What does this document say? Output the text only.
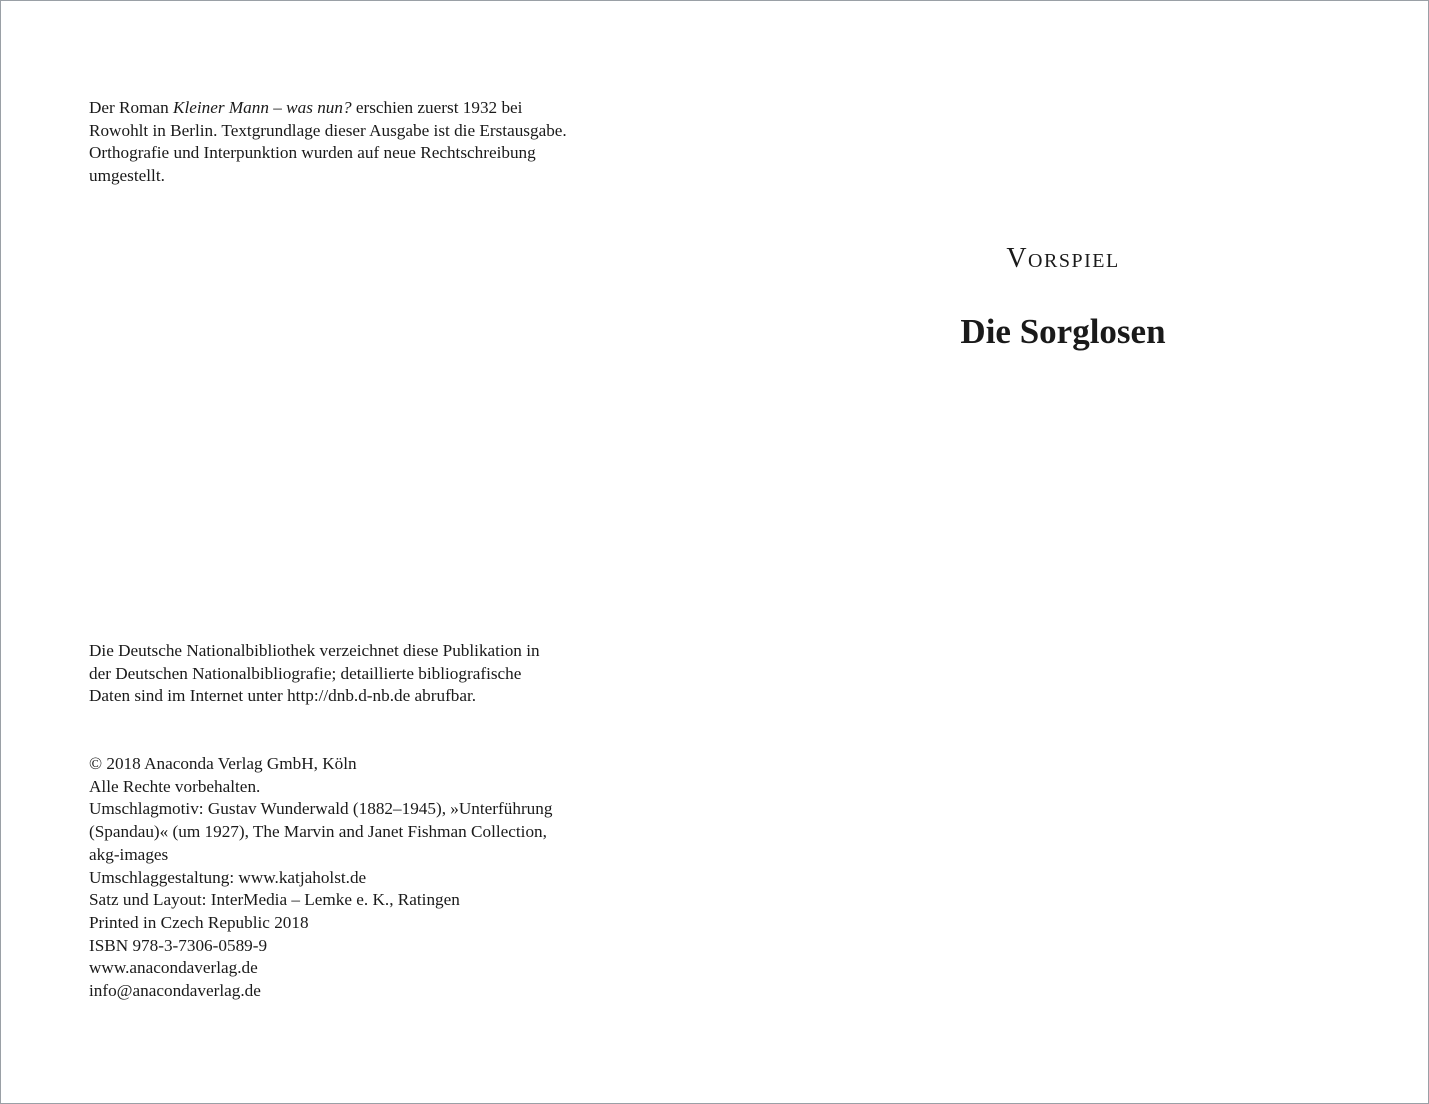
Der Roman Kleiner Mann – was nun? erschien zuerst 1932 bei
Rowohlt in Berlin. Textgrundlage dieser Ausgabe ist die Erstausgabe.
Orthografie und Interpunktion wurden auf neue Rechtschreibung
umgestellt.

Die Deutsche Nationalbibliothek verzeichnet diese Publikation in
der Deutschen Nationalbibliografie; detaillierte bibliografische
Daten sind im Internet unter http://dnb.d-nb.de abrufbar.

© 2018 Anaconda Verlag GmbH, Köln
Alle Rechte vorbehalten.
Umschlagmotiv: Gustav Wunderwald (1882–1945), »Unterführung
(Spandau)« (um 1927), The Marvin and Janet Fishman Collection,
akg-images
Umschlaggestaltung: www.katjaholst.de
Satz und Layout: InterMedia – Lemke e. K., Ratingen
Printed in Czech Republic 2018
ISBN 978-3-7306-0589-9
www.anacondaverlag.de
info@anacondaverlag.de

Vorspiel
Die Sorglosen
